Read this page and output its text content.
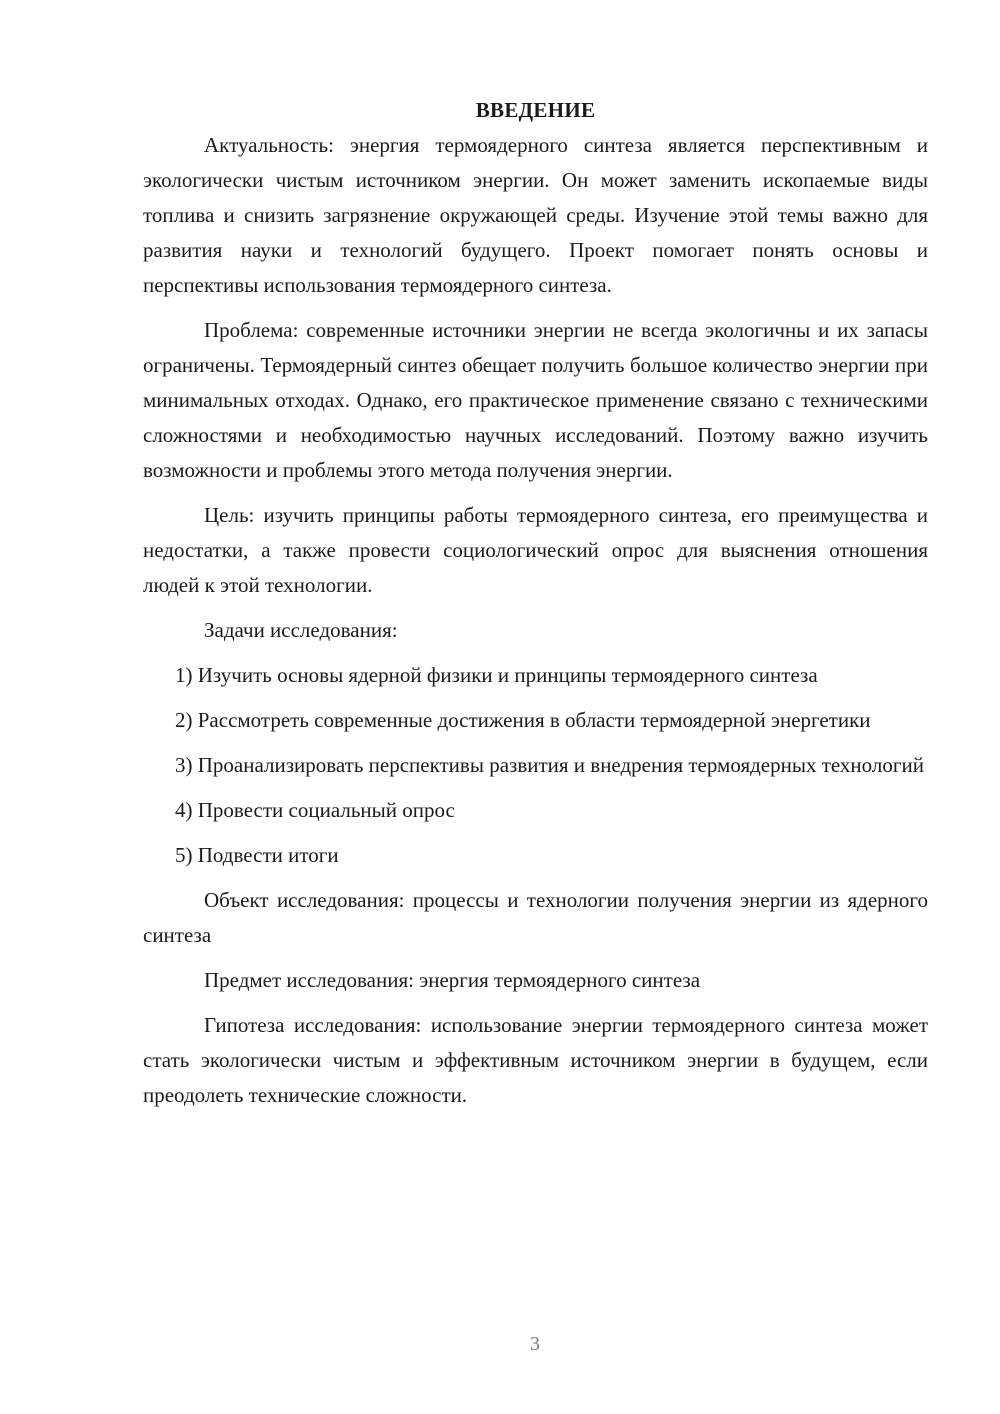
ВВЕДЕНИЕ

Актуальность: энергия термоядерного синтеза является перспективным и экологически чистым источником энергии. Он может заменить ископаемые виды топлива и снизить загрязнение окружающей среды. Изучение этой темы важно для развития науки и технологий будущего. Проект помогает понять основы и перспективы использования термоядерного синтеза.

Проблема: современные источники энергии не всегда экологичны и их запасы ограничены. Термоядерный синтез обещает получить большое количество энергии при минимальных отходах. Однако, его практическое применение связано с техническими сложностями и необходимостью научных исследований. Поэтому важно изучить возможности и проблемы этого метода получения энергии.

Цель: изучить принципы работы термоядерного синтеза, его преимущества и недостатки, а также провести социологический опрос для выяснения отношения людей к этой технологии.

Задачи исследования:

1) Изучить основы ядерной физики и принципы термоядерного синтеза

2) Рассмотреть современные достижения в области термоядерной энергетики

3) Проанализировать перспективы развития и внедрения термоядерных технологий

4) Провести социальный опрос

5) Подвести итоги

Объект исследования: процессы и технологии получения энергии из ядерного синтеза

Предмет исследования: энергия термоядерного синтеза

Гипотеза исследования: использование энергии термоядерного синтеза может стать экологически чистым и эффективным источником энергии в будущем, если преодолеть технические сложности.

3
